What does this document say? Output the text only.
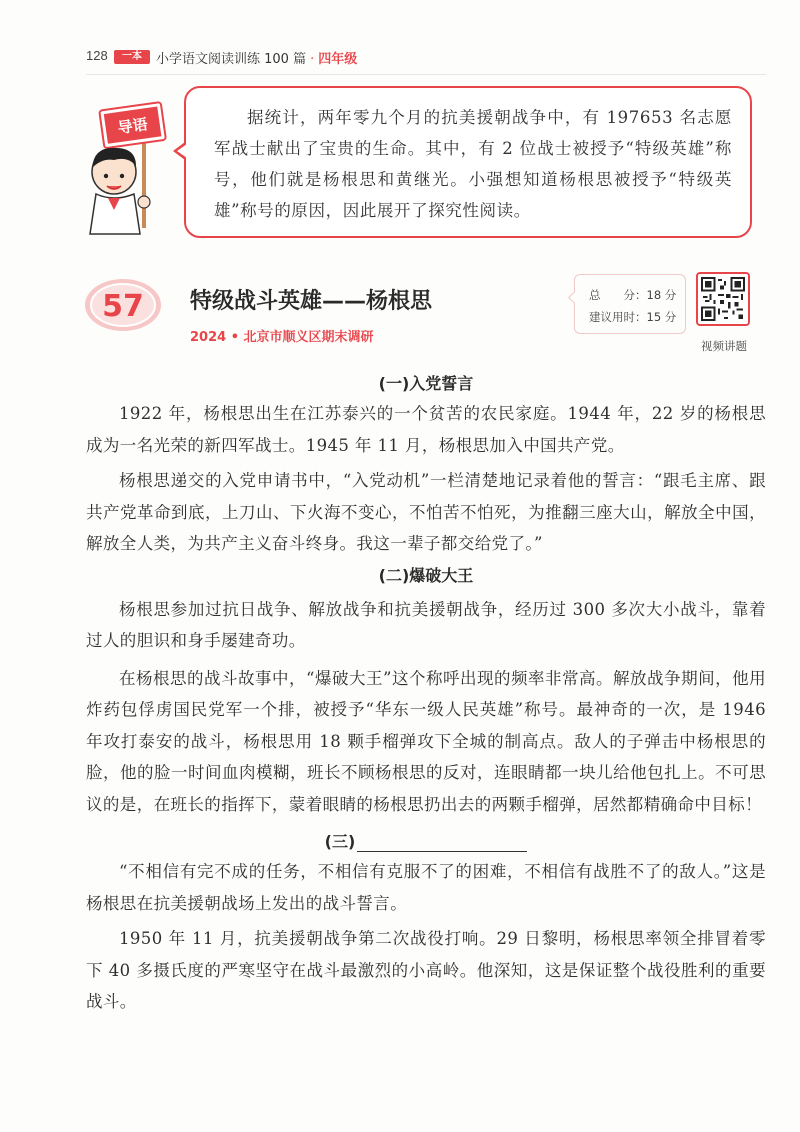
128	一本	小学语文阅读训练 100 篇 · 四年级
导语	据统计，两年零九个月的抗美援朝战争中，有 197653 名志愿军战士献出了宝贵的生命。其中，有 2 位战士被授予“特级英雄”称号，他们就是杨根思和黄继光。小强想知道杨根思被授予“特级英雄”称号的原因，因此展开了探究性阅读。

57 特级战斗英雄——杨根思
2024 • 北京市顺义区期末调研
总　　分：18 分
建议用时：15 分
视频讲题
(一)入党誓言

1922 年，杨根思出生在江苏泰兴的一个贫苦的农民家庭。1944 年，22 岁的杨根思成为一名光荣的新四军战士。1945 年 11 月，杨根思加入中国共产党。

杨根思递交的入党申请书中，“入党动机”一栏清楚地记录着他的誓言：“跟毛主席、跟共产党革命到底，上刀山、下火海不变心，不怕苦不怕死，为推翻三座大山，解放全中国，解放全人类，为共产主义奋斗终身。我这一辈子都交给党了。”

(二)爆破大王

杨根思参加过抗日战争、解放战争和抗美援朝战争，经历过 300 多次大小战斗，靠着过人的胆识和身手屡建奇功。

在杨根思的战斗故事中，“爆破大王”这个称呼出现的频率非常高。解放战争期间，他用炸药包俘虏国民党军一个排，被授予“华东一级人民英雄”称号。最神奇的一次，是 1946 年攻打泰安的战斗，杨根思用 18 颗手榴弹攻下全城的制高点。敌人的子弹击中杨根思的脸，他的脸一时间血肉模糊，班长不顾杨根思的反对，连眼睛都一块儿给他包扎上。不可思议的是，在班长的指挥下，蒙着眼睛的杨根思扔出去的两颗手榴弹，居然都精确命中目标！

(三)

“不相信有完不成的任务，不相信有克服不了的困难，不相信有战胜不了的敌人。”这是杨根思在抗美援朝战场上发出的战斗誓言。

1950 年 11 月，抗美援朝战争第二次战役打响。29 日黎明，杨根思率领全排冒着零下 40 多摄氏度的严寒坚守在战斗最激烈的小高岭。他深知，这是保证整个战役胜利的重要战斗。
